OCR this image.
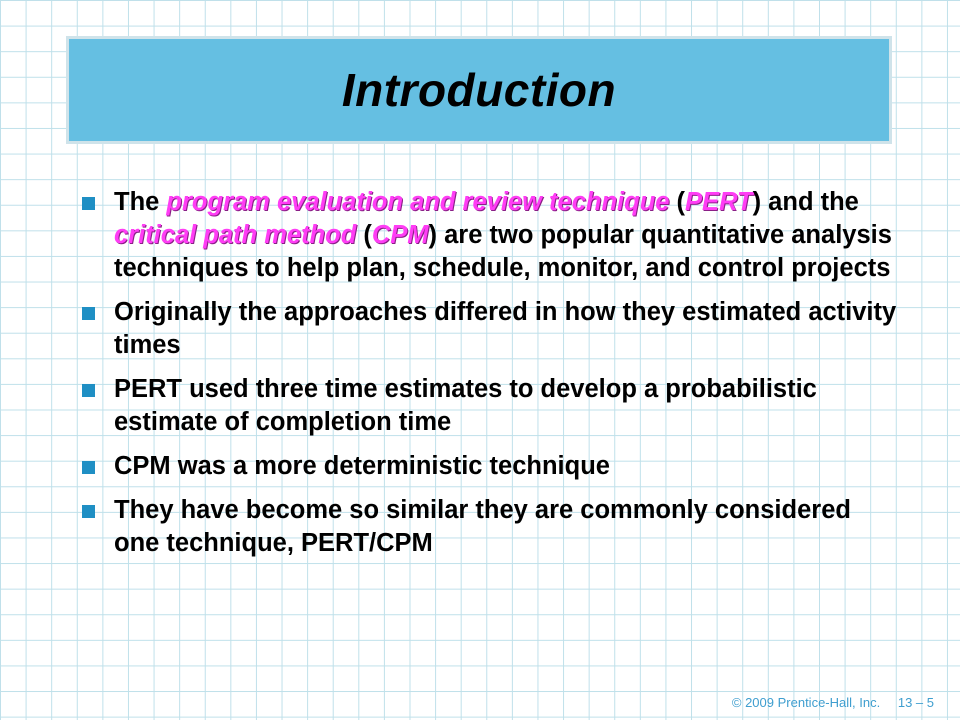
Introduction
The program evaluation and review technique (PERT) and the critical path method (CPM) are two popular quantitative analysis techniques to help plan, schedule, monitor, and control projects
Originally the approaches differed in how they estimated activity times
PERT used three time estimates to develop a probabilistic estimate of completion time
CPM was a more deterministic technique
They have become so similar they are commonly considered one technique, PERT/CPM
© 2009 Prentice-Hall, Inc. 13 – 5
